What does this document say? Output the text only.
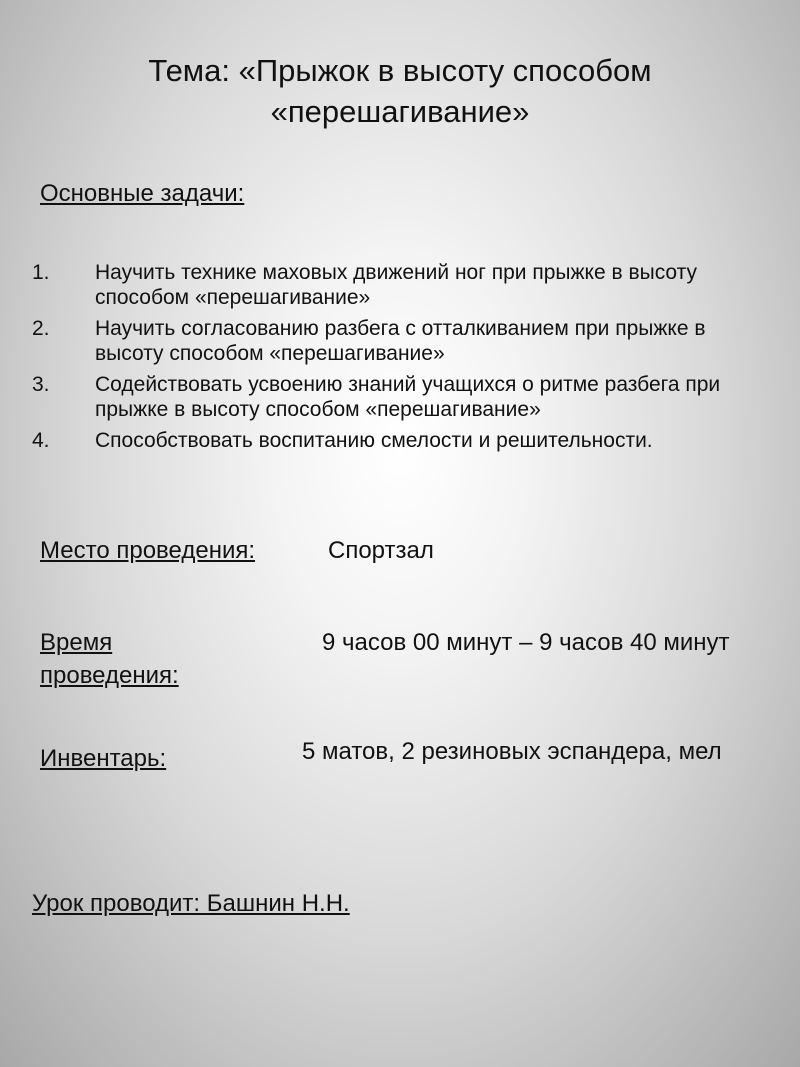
Тема: «Прыжок в высоту способом
«перешагивание»
Основные задачи:
1. Научить технике маховых движений ног при прыжке в высоту способом «перешагивание»
2. Научить согласованию разбега с отталкиванием при прыжке в высоту способом «перешагивание»
3. Содействовать усвоению знаний учащихся о ритме разбега при прыжке в высоту способом «перешагивание»
4. Способствовать воспитанию смелости и решительности.
Место проведения:	Спортзал
Время проведения:
9 часов 00 минут – 9 часов 40 минут
Инвентарь:	5 матов, 2 резиновых эспандера, мел
Урок проводит: Башнин Н.Н.
